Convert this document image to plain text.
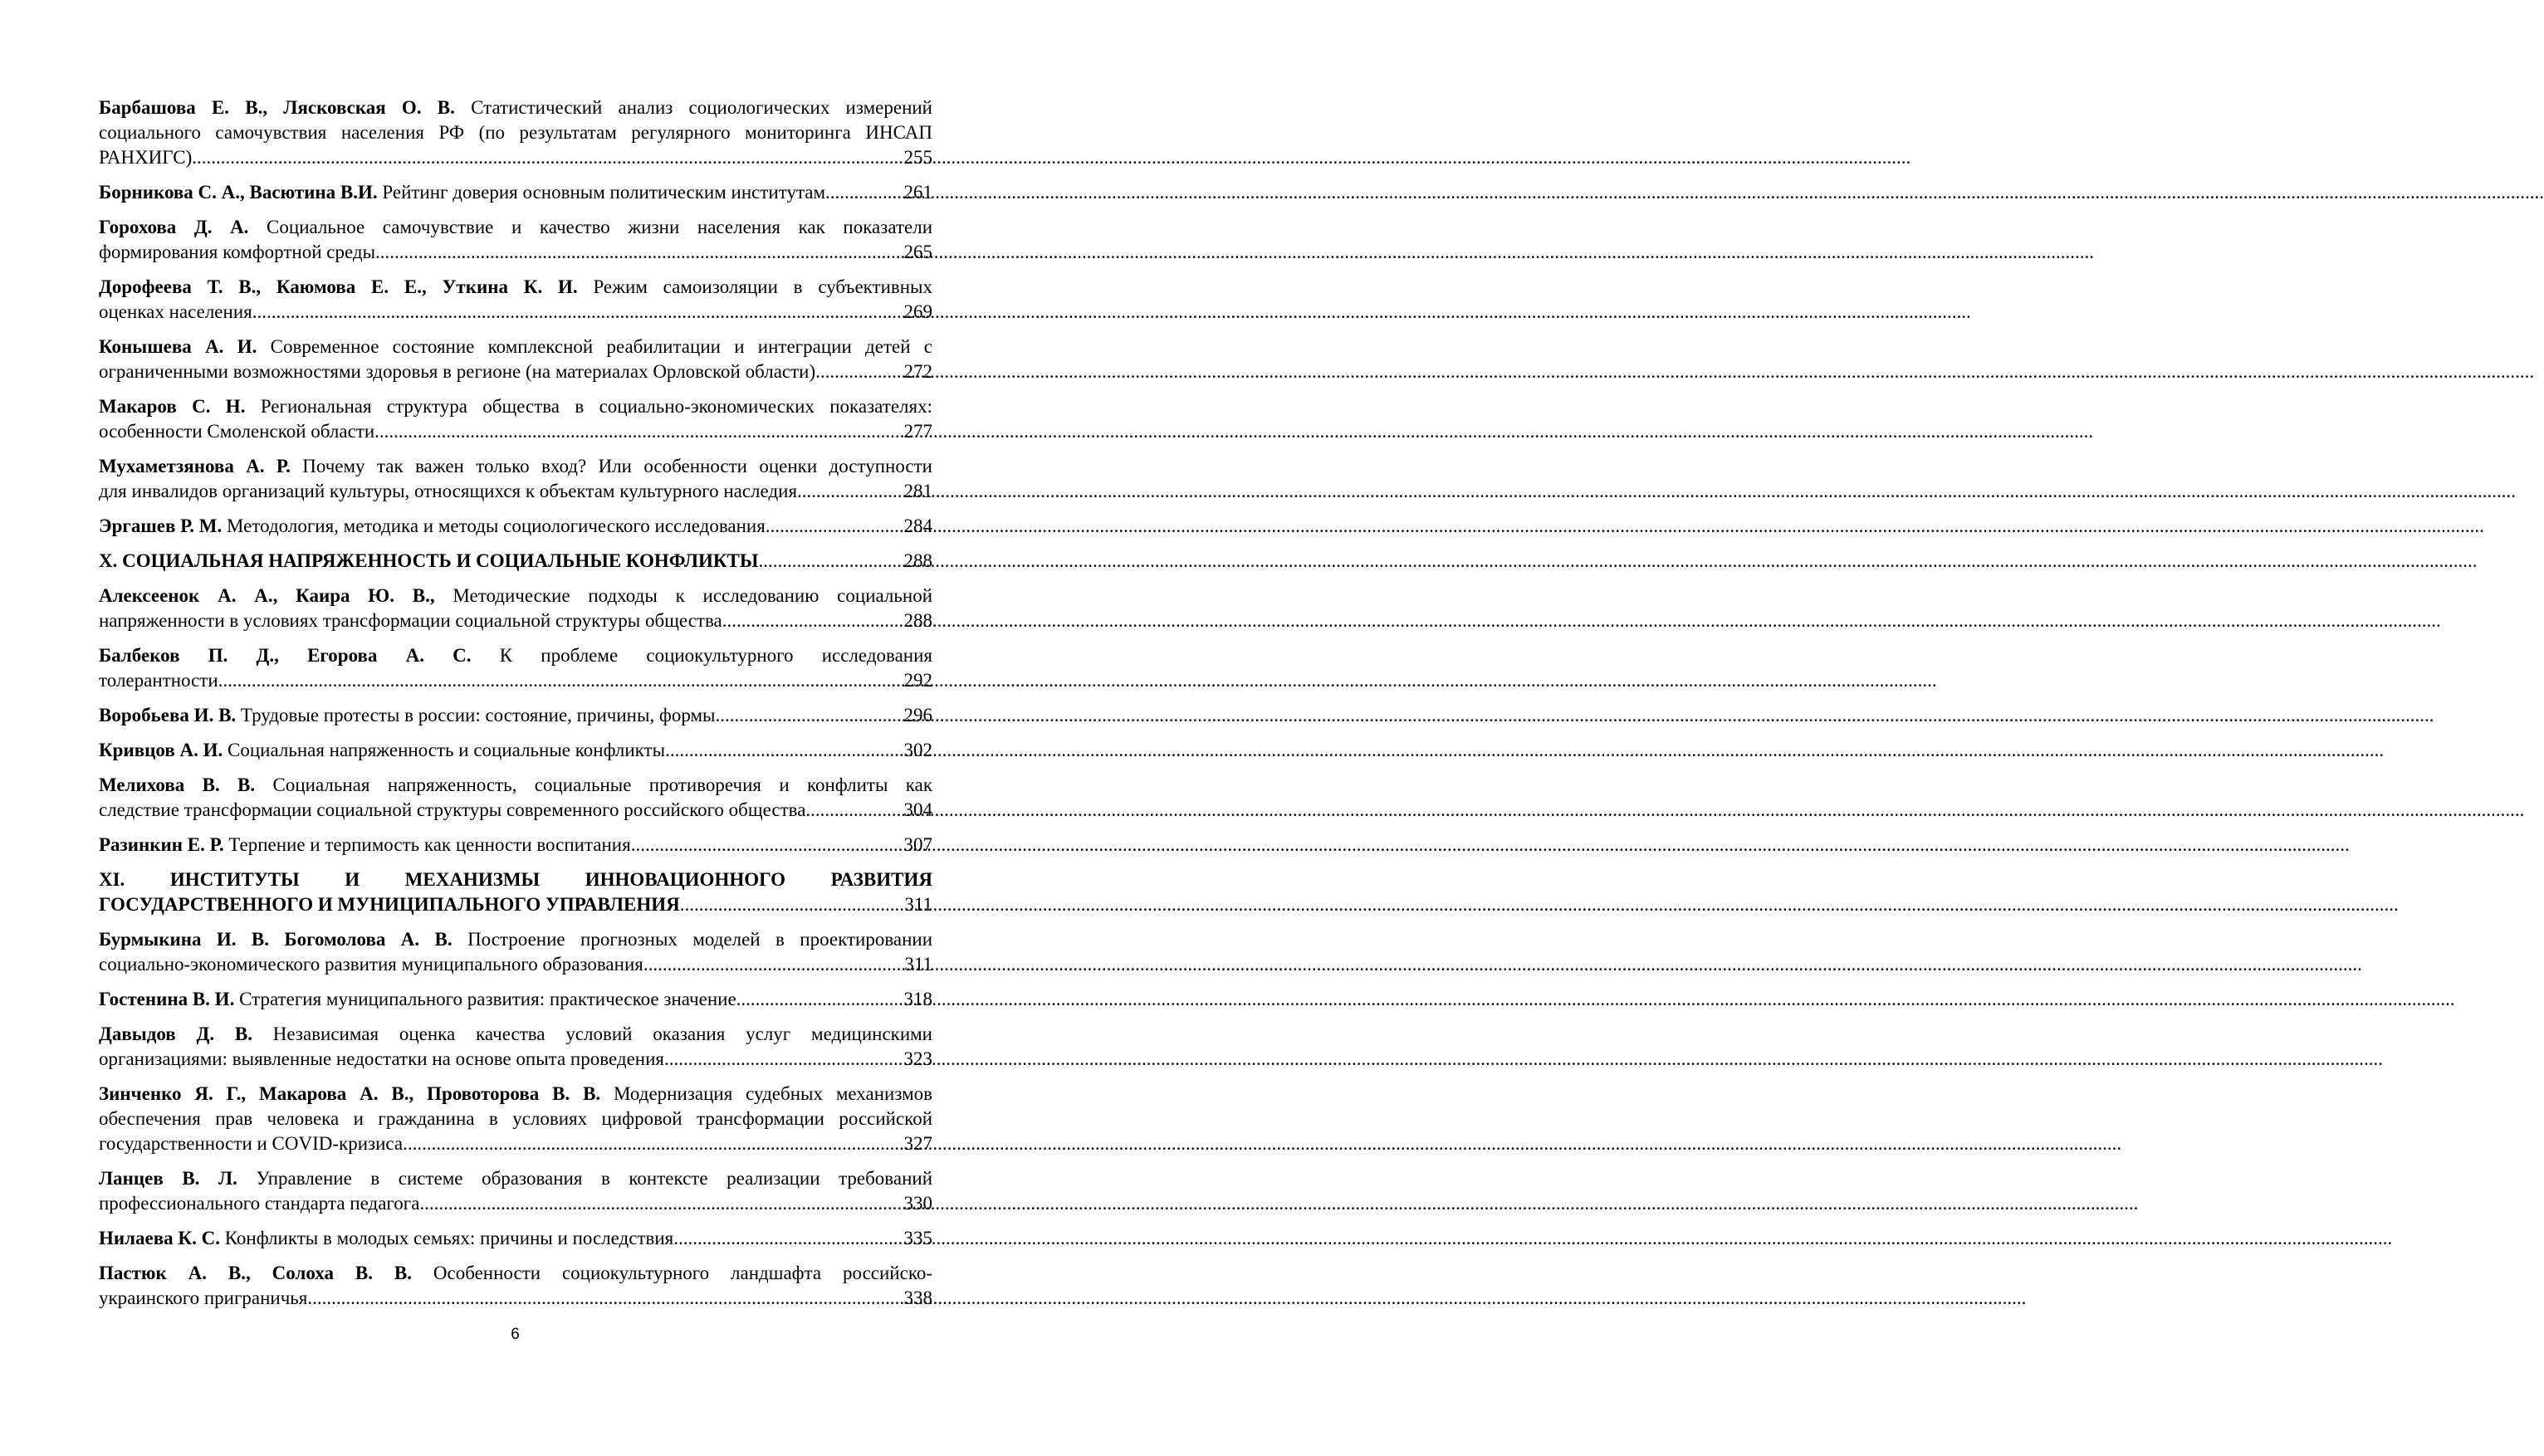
Барбашова Е. В., Лясковская О. В. Статистический анализ социологических измерений
социального самочувствия населения РФ (по результатам регулярного мониторинга ИНСАП
РАНХИГС) .....	255
Борникова С. А., Васютина В.И. Рейтинг доверия основным политическим институтам .....	261
Горохова Д. А. Социальное самочувствие и качество жизни населения как показатели
формирования комфортной среды .....	265
Дорофеева Т. В., Каюмова Е. Е., Уткина К. И. Режим самоизоляции в субъективных
оценках населения .....	269
Конышева А. И. Современное состояние комплексной реабилитации и интеграции детей с
ограниченными возможностями здоровья в регионе (на материалах Орловской области) .....	272
Макаров С. Н. Региональная структура общества в социально-экономических показателях:
особенности Смоленской области .....	277
Мухаметзянова А. Р. Почему так важен только вход? Или особенности оценки доступности
для инвалидов организаций культуры, относящихся к объектам культурного наследия .....	281
Эргашев Р. М. Методология, методика и методы социологического исследования .....	284
X. СОЦИАЛЬНАЯ НАПРЯЖЕННОСТЬ И СОЦИАЛЬНЫЕ КОНФЛИКТЫ .....	288
Алексеенок А. А., Каира Ю. В., Методические подходы к исследованию социальной
напряженности в условиях трансформации социальной структуры общества .....	288
Балбеков П. Д., Егорова А. С. К проблеме социокультурного исследования
толерантности .....	292
Воробьева И. В. Трудовые протесты в россии: состояние, причины, формы .....	296
Кривцов А. И. Социальная напряженность и социальные конфликты .....	302
Мелихова В. В. Социальная напряженность, социальные противоречия и конфлиты как
следствие трансформации социальной структуры современного российского общества .....	304
Разинкин Е. Р. Терпение и терпимость как ценности воспитания .....	307
XI. ИНСТИТУТЫ И МЕХАНИЗМЫ ИННОВАЦИОННОГО РАЗВИТИЯ
ГОСУДАРСТВЕННОГО И МУНИЦИПАЛЬНОГО УПРАВЛЕНИЯ .....	311
Бурмыкина И. В. Богомолова А. В. Построение прогнозных моделей в проектировании
социально-экономического развития муниципального образования .....	311
Гостенина В. И. Стратегия муниципального развития: практическое значение .....	318
Давыдов Д. В. Независимая оценка качества условий оказания услуг медицинскими
организациями: выявленные недостатки на основе опыта проведения .....	323
Зинченко Я. Г., Макарова А. В., Провоторова В. В. Модернизация судебных механизмов
обеспечения прав человека и гражданина в условиях цифровой трансформации российской
государственности и COVID-кризиса .....	327
Ланцев В. Л. Управление в системе образования в контексте реализации требований
профессионального стандарта педагога .....	330
Нилаева К. С. Конфликты в молодых семьях: причины и последствия .....	335
Пастюк А. В., Солоха В. В. Особенности социокультурного ландшафта российско-
украинского приграничья .....	338
6
